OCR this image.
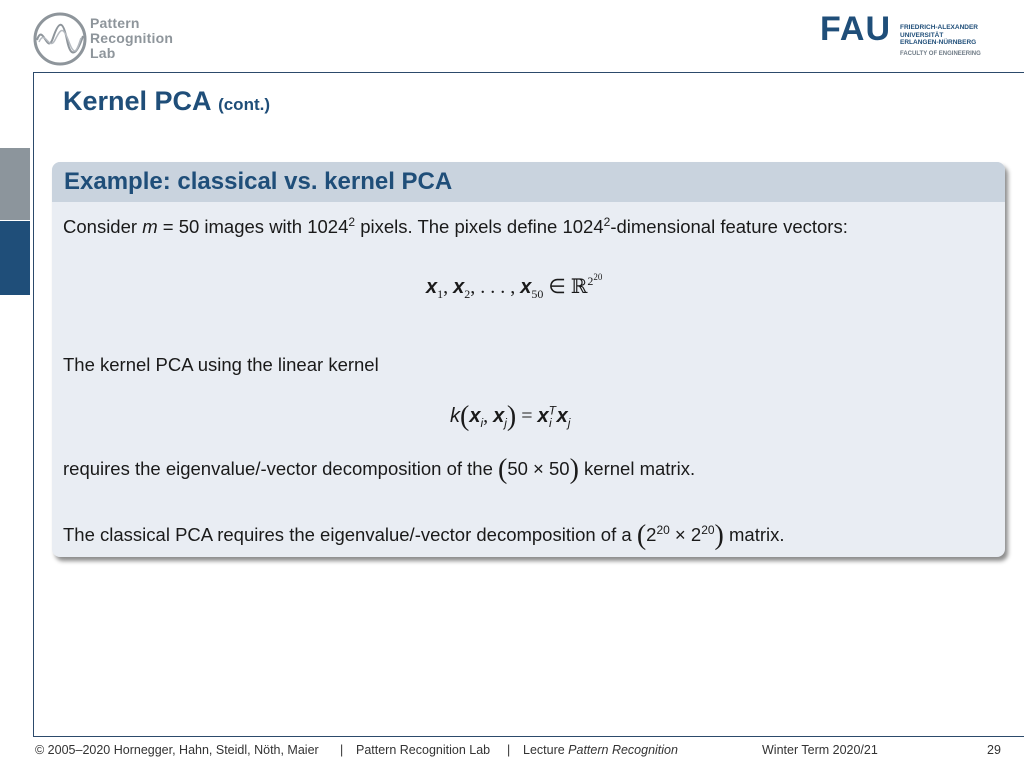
Pattern
Recognition
Lab
FAU FRIEDRICH-ALEXANDER
UNIVERSITÄT
ERLANGEN-NÜRNBERG
FACULTY OF ENGINEERING
Kernel PCA (cont.)
Example: classical vs. kernel PCA
Consider m = 50 images with 1024$^2$ pixels. The pixels define 1024$^2$-dimensional feature vectors:
$x_1$, $x_2$, . . . , $x_{50}$ ∈ ℝ$^{2^{20}}$
The kernel PCA using the linear kernel
$k(x_i$, $x_j) = x^T_i$ $x_j$
requires the eigenvalue/-vector decomposition of the (50 × 50) kernel matrix.
The classical PCA requires the eigenvalue/-vector decomposition of a $(2^{20} \times 2^{20})$ matrix.
© 2005–2020 Hornegger, Hahn, Steidl, Nöth, Maier | Pattern Recognition Lab | Lecture Pattern Recognition	Winter Term 2020/21	29
